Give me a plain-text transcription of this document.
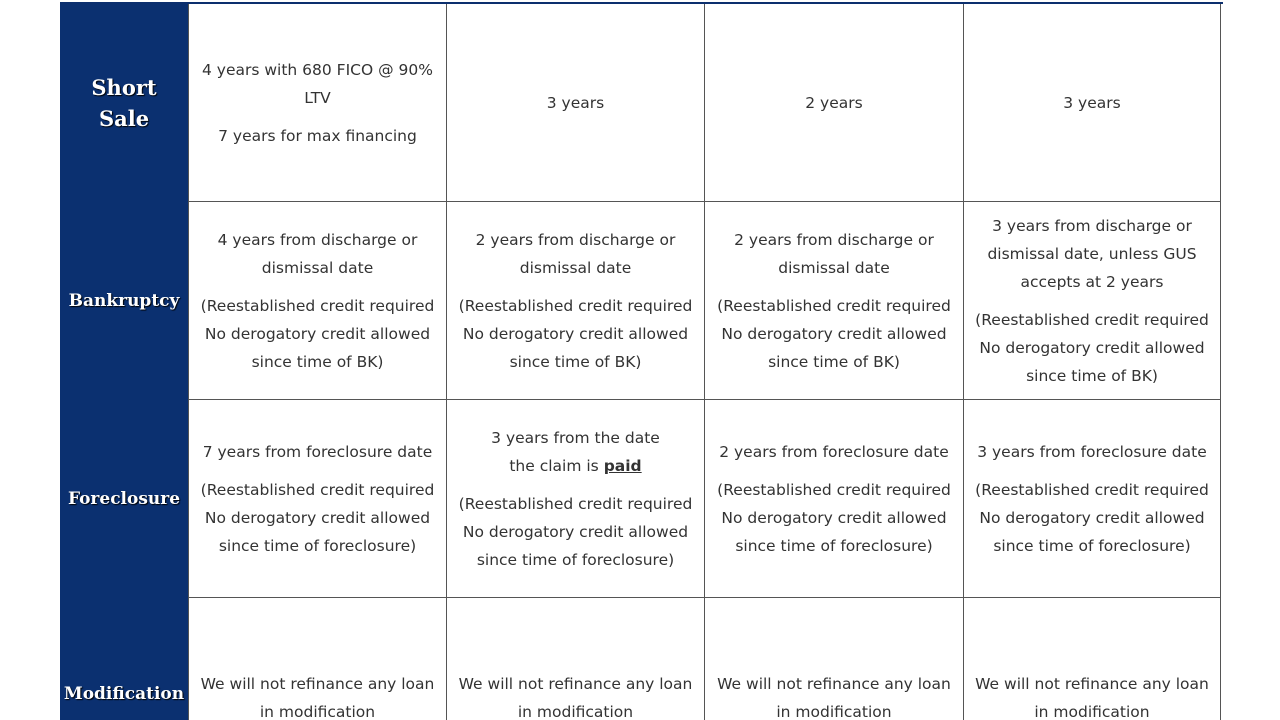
Short
Sale
4 years with 680 FICO @ 90%
LTV
7 years for max financing
3 years	2 years	3 years
Bankruptcy
4 years from discharge or
dismissal date
(Reestablished credit required
No derogatory credit allowed
since time of BK)
2 years from discharge or
dismissal date
(Reestablished credit required
No derogatory credit allowed
since time of BK)
2 years from discharge or
dismissal date
(Reestablished credit required
No derogatory credit allowed
since time of BK)
3 years from discharge or
dismissal date, unless GUS
accepts at 2 years
(Reestablished credit required
No derogatory credit allowed
since time of BK)
Foreclosure
7 years from foreclosure date
(Reestablished credit required
No derogatory credit allowed
since time of foreclosure)
3 years from the date
the claim is paid
(Reestablished credit required
No derogatory credit allowed
since time of foreclosure)
2 years from foreclosure date
(Reestablished credit required
No derogatory credit allowed
since time of foreclosure)
3 years from foreclosure date
(Reestablished credit required
No derogatory credit allowed
since time of foreclosure)
Modification We will not refinance any loan
in modification
We will not refinance any loan
in modification
We will not refinance any loan
in modification
We will not refinance any loan
in modification
